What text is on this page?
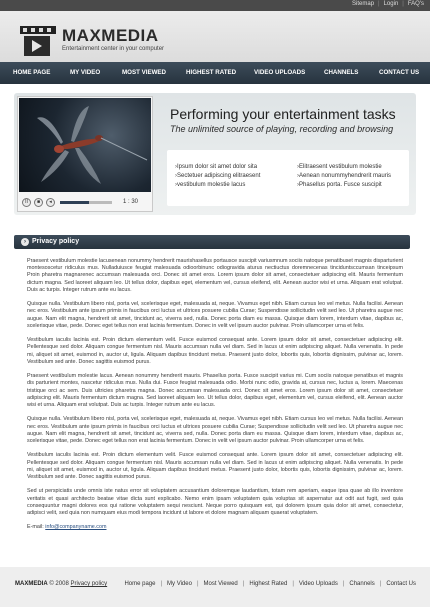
Sitemap | Login | FAQ's
MAXMEDIA
Entertainment center in your computer
HOME PAGE	MY VIDEO	MOST VIEWED	HIGHEST RATED	VIDEO UPLOADS	CHANNELS	CONTACT US
II	■	◂	1 : 30
Performing your entertainment tasks
The unlimited source of playing, recording and browsing
› Ipsum dolor sit amet dolor sita
› Sectetuer adipiscing elitraesent
› vestibulum molestie lacus
› Elitraesent vestibulum molestie
› Aenean nonummyhendrerit mauris
› Phasellus porta. Fusce suscipit
› Privacy policy

Praesent vestibulum molestie lacusenean nonummy hendrerit maurishasellus portausce suscipit variusmnum sociis natoque penatibuset magnis disparturient montesoscetur ridiculus mus. Nulladuiusce feugiat malesuada odioorbinunc odiogravida aturus nectiuctus doremnecenas tinciduntsccumsan tinceipsum Proin pharetra magnarenec accumsan malesuada orci. Donec sit amet eros. Lorem ipsum dolor sit amet, consectetuer adipiscing elit. Mauris fermentum dictum magna. Sed laoreet aliquam leo. Ut tellus dolor, dapibus eget, elementum vel, cursus eleifend, elit. Aenean auctor wisi et urna. Aliquam erat volutpat. Duis ac turpis. Integer rutrum ante eu lacus.

Quisque nulla. Vestibulum libero nisl, porta vel, scelerisque eget, malesuada at, neque. Vivamus eget nibh. Etiam cursus leo vel metus. Nulla facilisi. Aenean nec eros. Vestibulum ante ipsum primis in faucibus orci luctus et ultrices posuere cubilia Curae; Suspendisse sollicitudin velit sed leo. Ut pharetra augue nec augue. Nam elit magna, hendrerit sit amet, tincidunt ac, viverra sed, nulla. Donec porta diam eu massa. Quisque diam lorem, interdum vitae, dapibus ac, scelerisque vitae, pede. Donec eget tellus non erat lacinia fermentum. Donec in velit vel ipsum auctor pulvinar. Proin ullamcorper urna et felis.

Vestibulum iaculis lacinia est. Proin dictum elementum velit. Fusce euismod consequat ante. Lorem ipsum dolor sit amet, consectetuer adipiscing elit. Pellentesque sed dolor. Aliquam congue fermentum nisl. Mauris accumsan nulla vel diam. Sed in lacus ut enim adipiscing aliquet. Nulla venenatis. In pede mi, aliquet sit amet, euismod in, auctor ut, ligula. Aliquam dapibus tincidunt metus. Praesent justo dolor, lobortis quis, lobortis dignissim, pulvinar ac, lorem. Vestibulum sed ante. Donec sagittis euismod purus.

Praesent vestibulum molestie lacus. Aenean nonummy hendrerit mauris. Phasellus porta. Fusce suscipit varius mi. Cum sociis natoque penatibus et magnis dis parturient montes, nascetur ridiculus mus. Nulla dui. Fusce feugiat malesuada odio. Morbi nunc odio, gravida at, cursus nec, luctus a, lorem. Maecenas tristique orci ac sem. Duis ultricies pharetra magna. Donec accumsan malesuada orci. Donec sit amet eros. Lorem ipsum dolor sit amet, consectetuer adipiscing elit. Mauris fermentum dictum magna. Sed laoreet aliquam leo. Ut tellus dolor, dapibus eget, elementum vel, cursus eleifend, elit. Aenean auctor wisi et urna. Aliquam erat volutpat. Duis ac turpis. Integer rutrum ante eu lacus.

Quisque nulla. Vestibulum libero nisl, porta vel, scelerisque eget, malesuada at, neque. Vivamus eget nibh. Etiam cursus leo vel metus. Nulla facilisi. Aenean nec eros. Vestibulum ante ipsum primis in faucibus orci luctus et ultrices posuere cubilia Curae; Suspendisse sollicitudin velit sed leo. Ut pharetra augue nec augue. Nam elit magna, hendrerit sit amet, tincidunt ac, viverra sed, nulla. Donec porta diam eu massa. Quisque diam lorem, interdum vitae, dapibus ac, scelerisque vitae, pede. Donec eget tellus non erat lacinia fermentum. Donec in velit vel ipsum auctor pulvinar. Proin ullamcorper urna et felis.

Vestibulum iaculis lacinia est. Proin dictum elementum velit. Fusce euismod consequat ante. Lorem ipsum dolor sit amet, consectetuer adipiscing elit. Pellentesque sed dolor. Aliquam congue fermentum nisl. Mauris accumsan nulla vel diam. Sed in lacus ut enim adipiscing aliquet. Nulla venenatis. In pede mi, aliquet sit amet, euismod in, auctor ut, ligula. Aliquam dapibus tincidunt metus. Praesent justo dolor, lobortis quis, lobortis dignissim, pulvinar ac, lorem. Vestibulum sed ante. Donec sagittis euismod purus.

Sed ut perspiciatis unde omnis iste natus error sit voluptatem accusantium doloremque laudantium, totam rem aperiam, eaque ipsa quae ab illo inventore veritatis et quasi architecto beatae vitae dicta sunt explicabo. Nemo enim ipsam voluptatem quia voluptas sit aspernatur aut odit aut fugit, sed quia consequuntur magni dolores eos qui ratione voluptatem sequi nesciunt. Neque porro quisquam est, qui dolorem ipsum quia dolor sit amet, consectetur, adipisci velit, sed quia non numquam eius modi tempora incidunt ut labore et dolore magnam aliquam quaerat voluptatem.

E-mail: info@companyname.com
MAXMEDIA © 2008 Privacy policy	Home page | My Video | Most Viewed | Highest Rated | Video Uploads | Channels | Contact Us
